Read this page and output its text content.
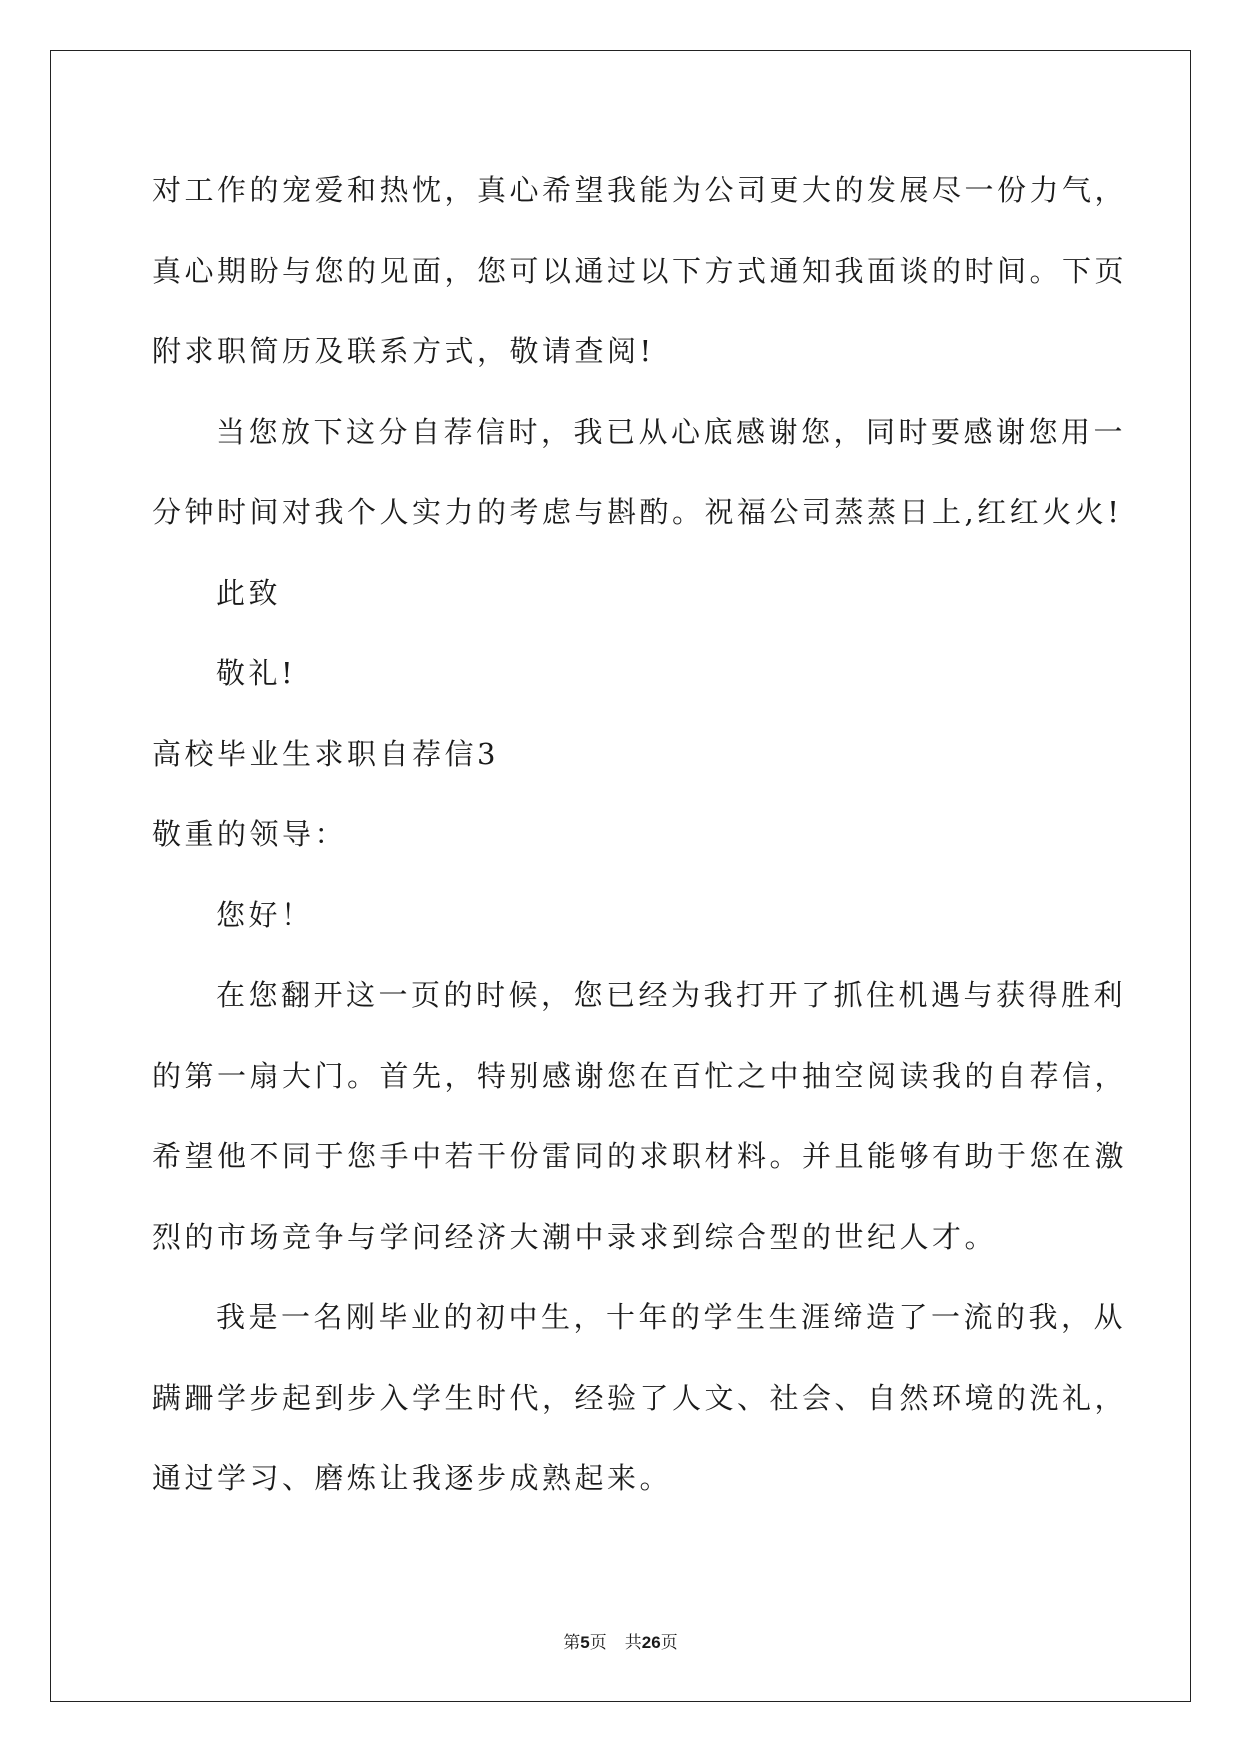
对工作的宠爱和热忱，真心希望我能为公司更大的发展尽一份力气，
真心期盼与您的见面，您可以通过以下方式通知我面谈的时间。下页
附求职简历及联系方式，敬请查阅!
当您放下这分自荐信时，我已从心底感谢您，同时要感谢您用一
分钟时间对我个人实力的考虑与斟酌。祝福公司蒸蒸日上,红红火火!
此致
敬礼!
高校毕业生求职自荐信3
敬重的领导：
您好！
在您翻开这一页的时候，您已经为我打开了抓住机遇与获得胜利
的第一扇大门。首先，特别感谢您在百忙之中抽空阅读我的自荐信，
希望他不同于您手中若干份雷同的求职材料。并且能够有助于您在激
烈的市场竞争与学问经济大潮中录求到综合型的世纪人才。
我是一名刚毕业的初中生，十年的学生生涯缔造了一流的我，从
蹒跚学步起到步入学生时代，经验了人文、社会、自然环境的洗礼，
通过学习、磨炼让我逐步成熟起来。
第5页 共26页
